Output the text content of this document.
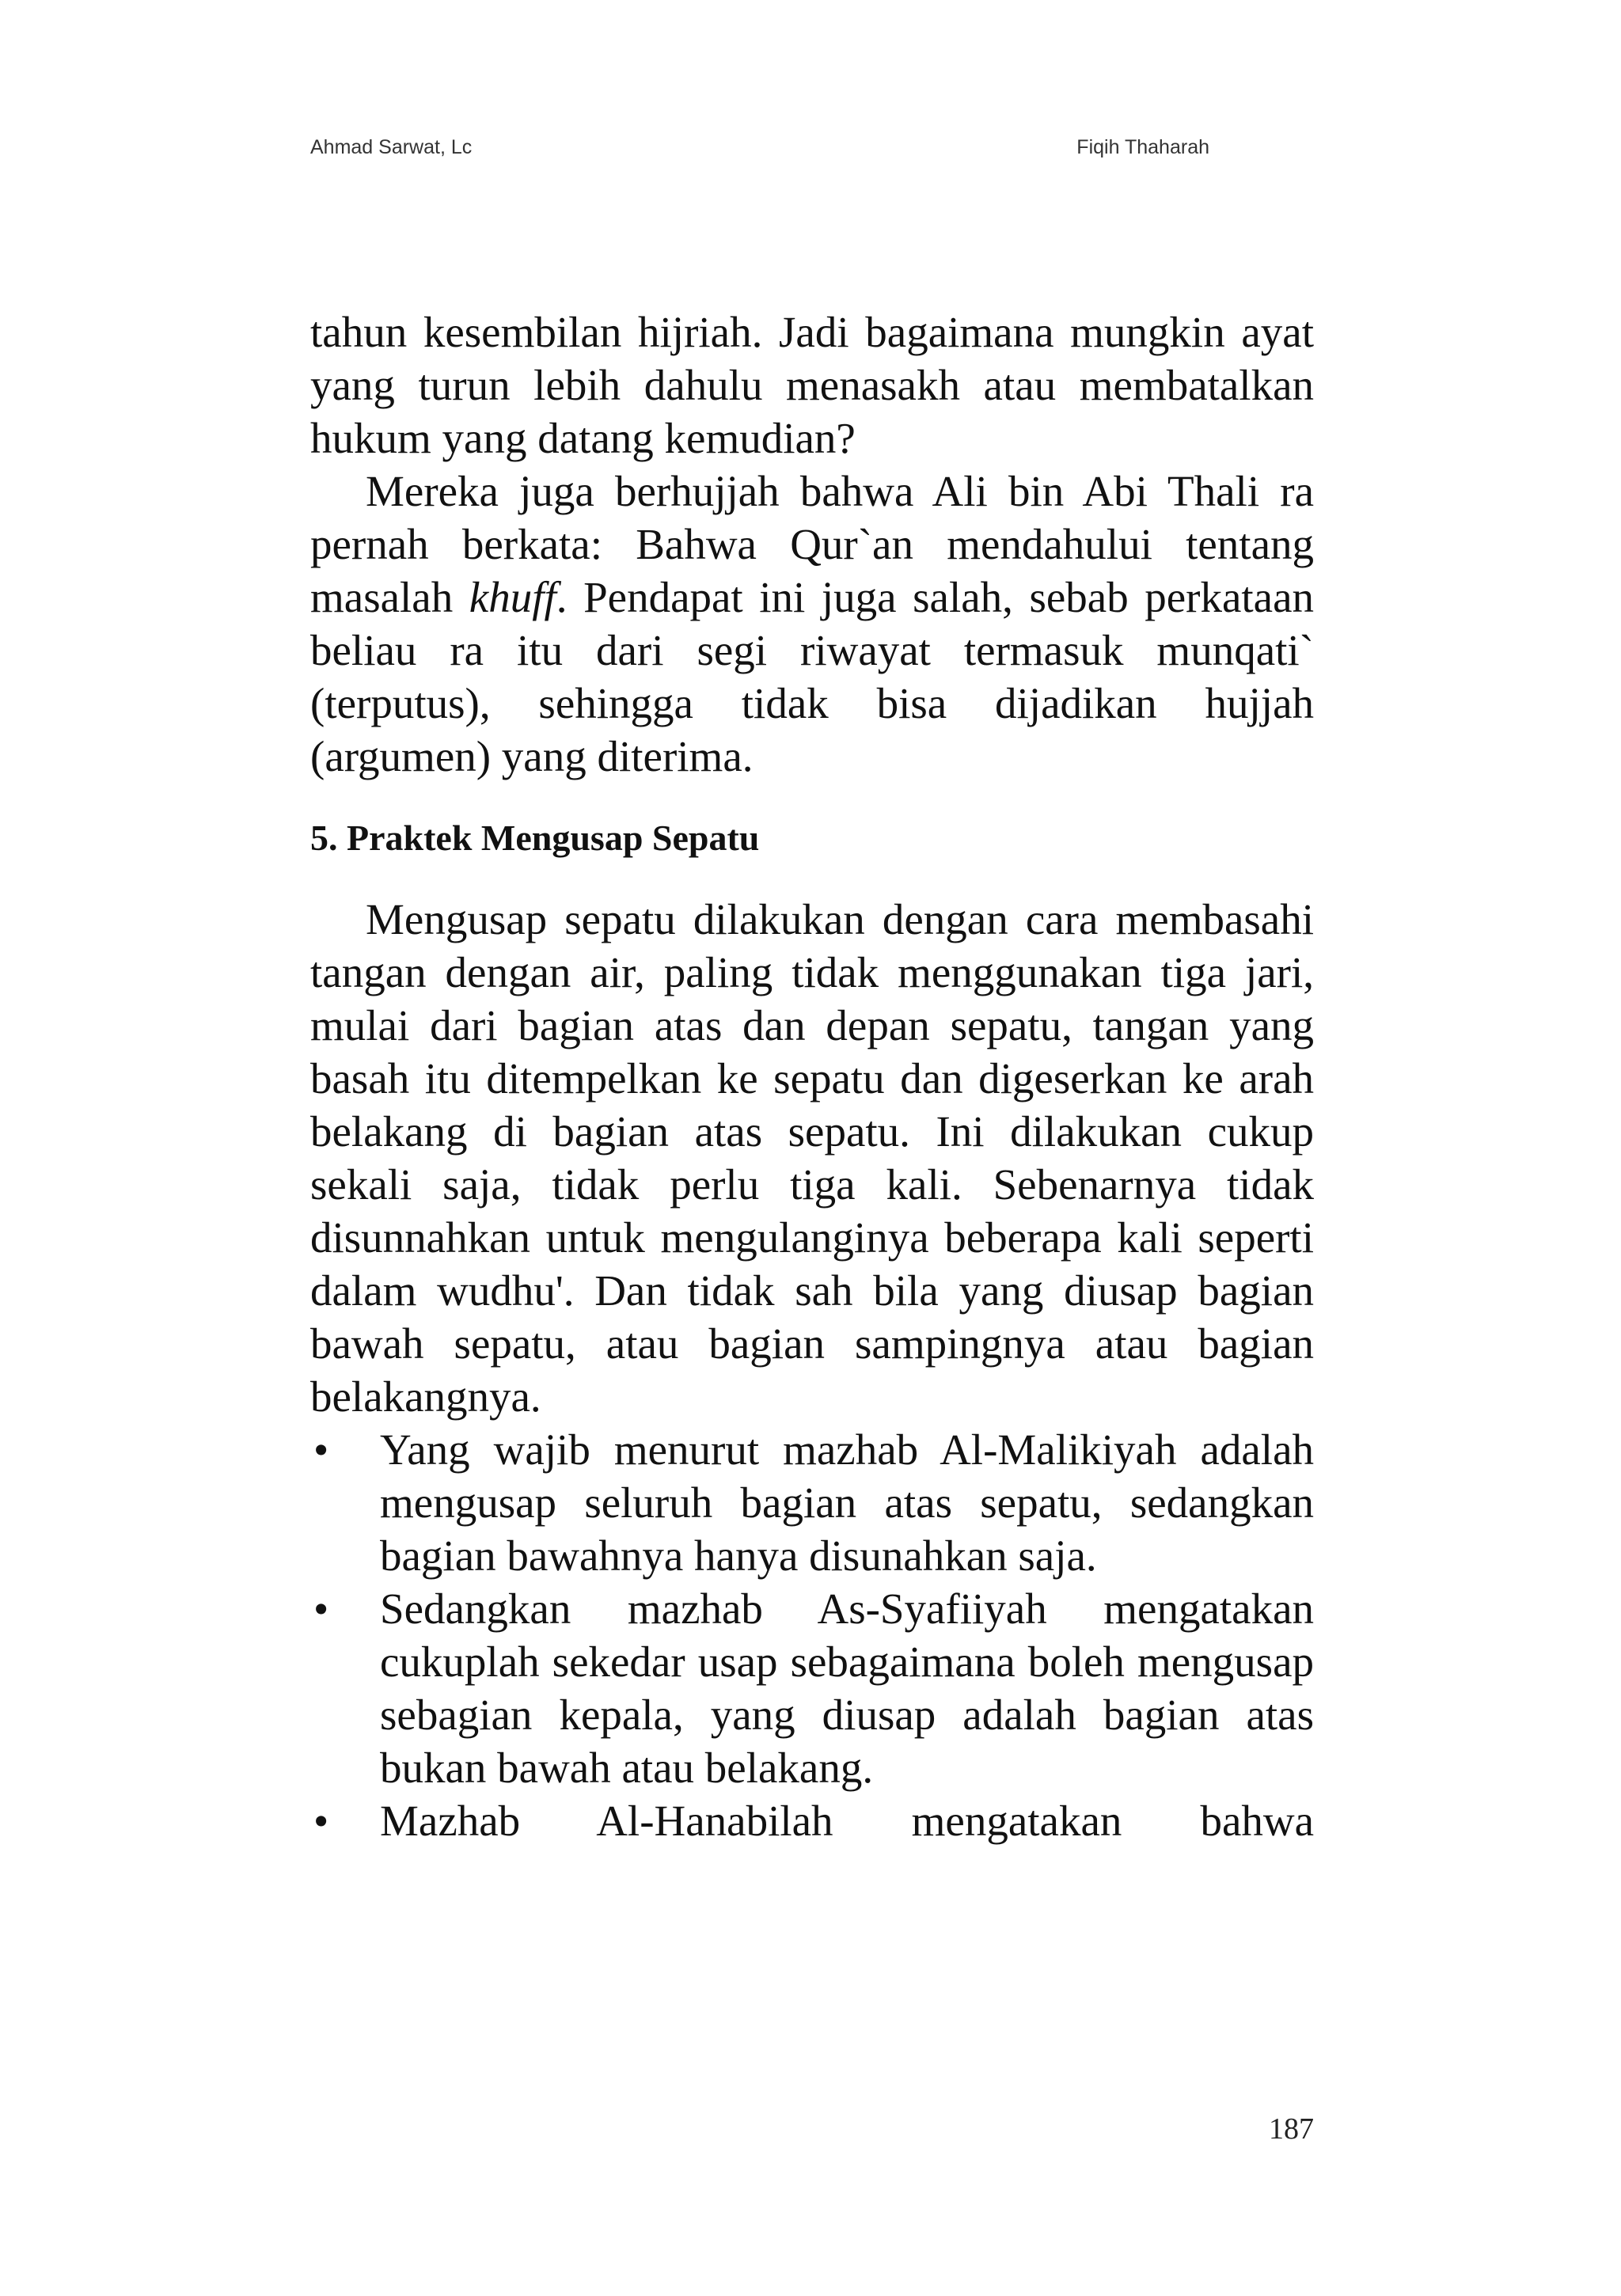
Ahmad Sarwat, Lc	Fiqih Thaharah

tahun kesembilan hijriah. Jadi bagaimana mungkin ayat yang turun lebih dahulu menasakh atau membatalkan hukum yang datang kemudian?

Mereka juga berhujjah bahwa Ali bin Abi Thali ra pernah berkata: Bahwa Qur`an mendahului tentang masalah khuff. Pendapat ini juga salah, sebab perkataan beliau ra itu dari segi riwayat termasuk munqati` (terputus), sehingga tidak bisa dijadikan hujjah (argumen) yang diterima.

5. Praktek Mengusap Sepatu

Mengusap sepatu dilakukan dengan cara membasahi tangan dengan air, paling tidak menggunakan tiga jari, mulai dari bagian atas dan depan sepatu, tangan yang basah itu ditempelkan ke sepatu dan digeserkan ke arah belakang di bagian atas sepatu. Ini dilakukan cukup sekali saja, tidak perlu tiga kali. Sebenarnya tidak disunnahkan untuk mengulanginya beberapa kali seperti dalam wudhu'. Dan tidak sah bila yang diusap bagian bawah sepatu, atau bagian sampingnya atau bagian belakangnya.

•	Yang wajib menurut mazhab Al-Malikiyah adalah mengusap seluruh bagian atas sepatu, sedangkan bagian bawahnya hanya disunahkan saja.
•	Sedangkan mazhab As-Syafiiyah mengatakan cukuplah sekedar usap sebagaimana boleh mengusap sebagian kepala, yang diusap adalah bagian atas bukan bawah atau belakang.
•	Mazhab Al-Hanabilah mengatakan bahwa
187
